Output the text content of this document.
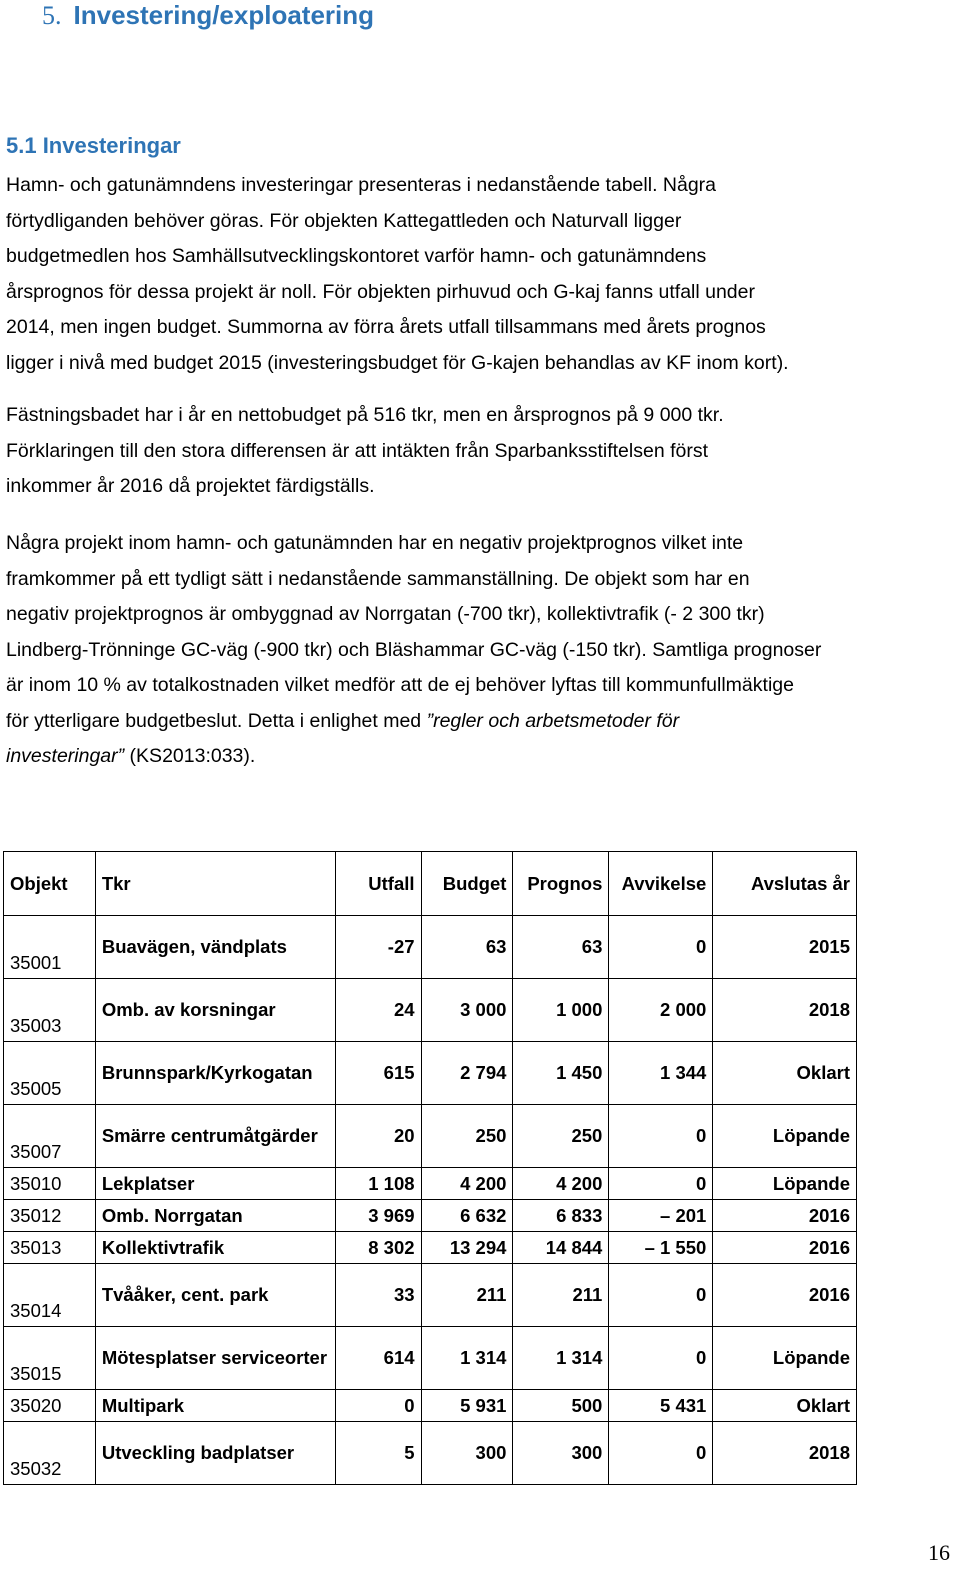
5. Investering/exploatering
5.1 Investeringar

Hamn- och gatunämndens investeringar presenteras i nedanstående tabell. Några
förtydliganden behöver göras. För objekten Kattegattleden och Naturvall ligger
budgetmedlen hos Samhällsutvecklingskontoret varför hamn- och gatunämndens
årsprognos för dessa projekt är noll. För objekten pirhuvud och G-kaj fanns utfall under
2014, men ingen budget. Summorna av förra årets utfall tillsammans med årets prognos
ligger i nivå med budget 2015 (investeringsbudget för G-kajen behandlas av KF inom kort).

Fästningsbadet har i år en nettobudget på 516 tkr, men en årsprognos på 9 000 tkr.
Förklaringen till den stora differensen är att intäkten från Sparbanksstiftelsen först
inkommer år 2016 då projektet färdigställs.

Några projekt inom hamn- och gatunämnden har en negativ projektprognos vilket inte
framkommer på ett tydligt sätt i nedanstående sammanställning. De objekt som har en
negativ projektprognos är ombyggnad av Norrgatan (-700 tkr), kollektivtrafik (- 2 300 tkr)
Lindberg-Trönninge GC-väg (-900 tkr) och Bläshammar GC-väg (-150 tkr). Samtliga prognoser
är inom 10 % av totalkostnaden vilket medför att de ej behöver lyftas till kommunfullmäktige
för ytterligare budgetbeslut. Detta i enlighet med ”regler och arbetsmetoder för
investeringar” (KS2013:033).

Objekt	Tkr	Utfall	Budget	Prognos	Avvikelse	Avslutas år
35001	Buavägen, vändplats	-27	63	63	0	2015
35003	Omb. av korsningar	24	3 000	1 000	2 000	2018
35005	Brunnspark/Kyrkogatan	615	2 794	1 450	1 344	Oklart
35007	Smärre centrumåtgärder	20	250	250	0	Löpande
35010	Lekplatser	1 108	4 200	4 200	0	Löpande
35012	Omb. Norrgatan	3 969	6 632	6 833	– 201	2016
35013	Kollektivtrafik	8 302	13 294	14 844	– 1 550	2016
35014	Tvååker, cent. park	33	211	211	0	2016
35015	Mötesplatser serviceorter	614	1 314	1 314	0	Löpande
35020	Multipark	0	5 931	500	5 431	Oklart
35032	Utveckling badplatser	5	300	300	0	2018
16
